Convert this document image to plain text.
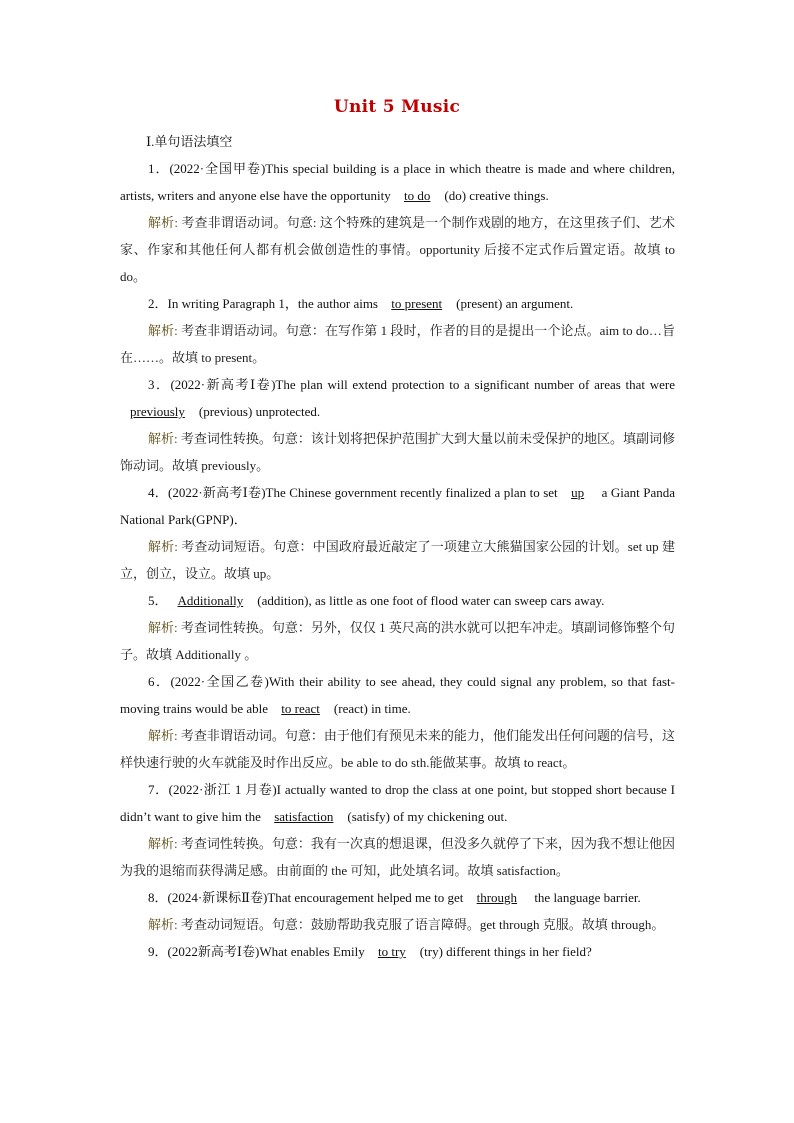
Unit 5 Music
Ⅰ.单句语法填空

1．(2022·全国甲卷)This special building is a place in which theatre is made and where children, artists, writers and anyone else have the opportunity to do (do) creative things.

解析: 考查非谓语动词。句意: 这个特殊的建筑是一个制作戏剧的地方，在这里孩子们、艺术家、作家和其他任何人都有机会做创造性的事情。opportunity 后接不定式作后置定语。故填 to do。

2．In writing Paragraph 1，the author aims to present (present) an argument.

解析: 考查非谓语动词。句意：在写作第 1 段时，作者的目的是提出一个论点。aim to do…旨在……。故填 to present。

3．(2022·新高考Ⅰ卷)The plan will extend protection to a significant number of areas that were previously (previous) unprotected.

解析: 考查词性转换。句意：该计划将把保护范围扩大到大量以前未受保护的地区。填副词修饰动词。故填 previously。

4．(2022·新高考Ⅰ卷)The Chinese government recently finalized a plan to set up a Giant Panda National Park(GPNP)．

解析: 考查动词短语。句意：中国政府最近敲定了一项建立大熊猫国家公园的计划。set up 建立，创立，设立。故填 up。

5． Additionally (addition), as little as one foot of flood water can sweep cars away.

解析: 考查词性转换。句意：另外，仅仅 1 英尺高的洪水就可以把车冲走。填副词修饰整个句子。故填 Additionally 。

6．(2022·全国乙卷)With their ability to see ahead, they could signal any problem, so that fast-moving trains would be able to react (react) in time.

解析: 考查非谓语动词。句意：由于他们有预见未来的能力，他们能发出任何问题的信号，这样快速行驶的火车就能及时作出反应。be able to do sth.能做某事。故填 to react。

7．(2022·浙江 1 月卷)I actually wanted to drop the class at one point, but stopped short because I didn’t want to give him the satisfaction (satisfy) of my chickening out.

解析: 考查词性转换。句意：我有一次真的想退课，但没多久就停了下来，因为我不想让他因为我的退缩而获得满足感。由前面的 the 可知，此处填名词。故填 satisfaction。

8．(2024·新课标Ⅱ卷)That encouragement helped me to get through the language barrier.

解析: 考查动词短语。句意：鼓励帮助我克服了语言障碍。get through 克服。故填 through。

9．(2022新高考Ⅰ卷)What enables Emily to try (try) different things in her field?
